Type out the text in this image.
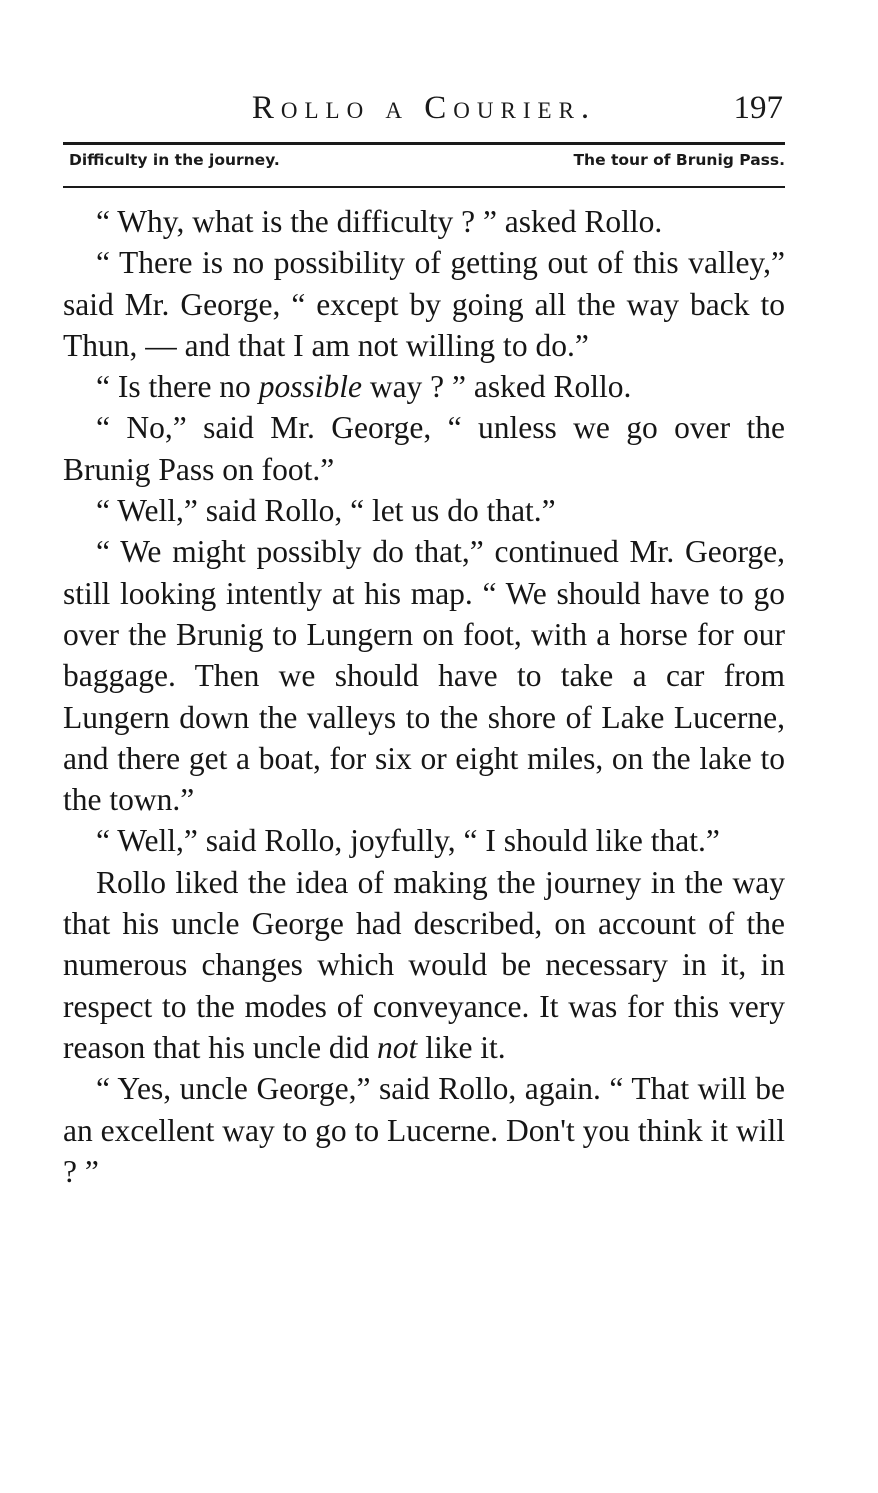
Rollo a Courier.	197
Difficulty in the journey.	The tour of Brunig Pass.

“ Why, what is the difficulty ? ” asked Rollo.

“ There is no possibility of getting out of this valley,” said Mr. George, “ except by going all the way back to Thun, — and that I am not willing to do.”

“ Is there no possible way ? ” asked Rollo.

“ No,” said Mr. George, “ unless we go over the Brunig Pass on foot.”

“ Well,” said Rollo, “ let us do that.”

“ We might possibly do that,” continued Mr. George, still looking intently at his map. “ We should have to go over the Brunig to Lungern on foot, with a horse for our baggage. Then we should have to take a car from Lungern down the valleys to the shore of Lake Lucerne, and there get a boat, for six or eight miles, on the lake to the town.”

“ Well,” said Rollo, joyfully, “ I should like that.”

Rollo liked the idea of making the journey in the way that his uncle George had described, on account of the numerous changes which would be necessary in it, in respect to the modes of conveyance. It was for this very reason that his uncle did not like it.

“ Yes, uncle George,” said Rollo, again. “ That will be an excellent way to go to Lucerne. Don't you think it will ? ”
